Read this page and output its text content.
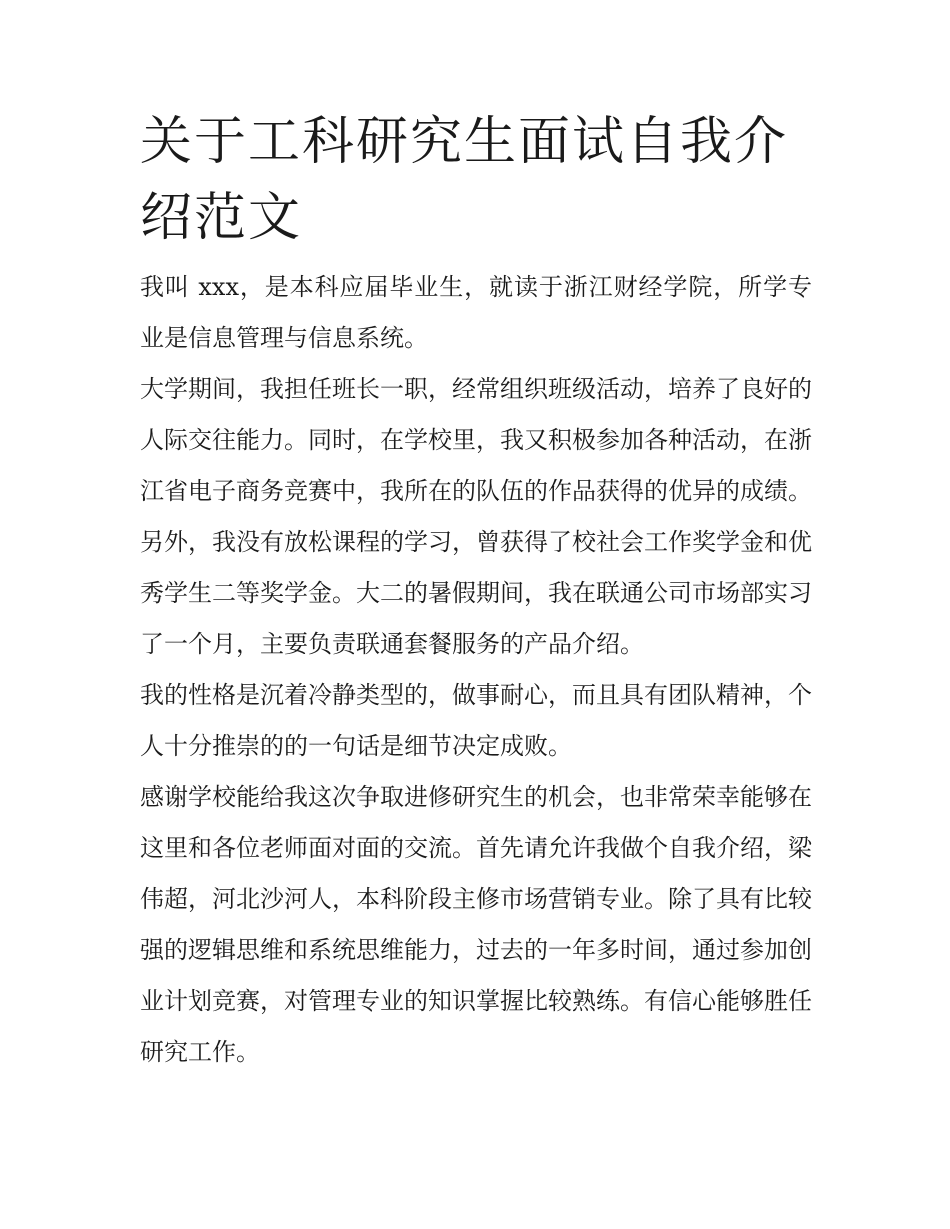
关于工科研究生面试自我介绍范文

我叫 xxx，是本科应届毕业生，就读于浙江财经学院，所学专业是信息管理与信息系统。

大学期间，我担任班长一职，经常组织班级活动，培养了良好的人际交往能力。同时，在学校里，我又积极参加各种活动，在浙江省电子商务竞赛中，我所在的队伍的作品获得的优异的成绩。另外，我没有放松课程的学习，曾获得了校社会工作奖学金和优秀学生二等奖学金。大二的暑假期间，我在联通公司市场部实习了一个月，主要负责联通套餐服务的产品介绍。

我的性格是沉着冷静类型的，做事耐心，而且具有团队精神，个人十分推崇的的一句话是细节决定成败。

感谢学校能给我这次争取进修研究生的机会，也非常荣幸能够在这里和各位老师面对面的交流。首先请允许我做个自我介绍，梁伟超，河北沙河人，本科阶段主修市场营销专业。除了具有比较强的逻辑思维和系统思维能力，过去的一年多时间，通过参加创业计划竞赛，对管理专业的知识掌握比较熟练。有信心能够胜任研究工作。
